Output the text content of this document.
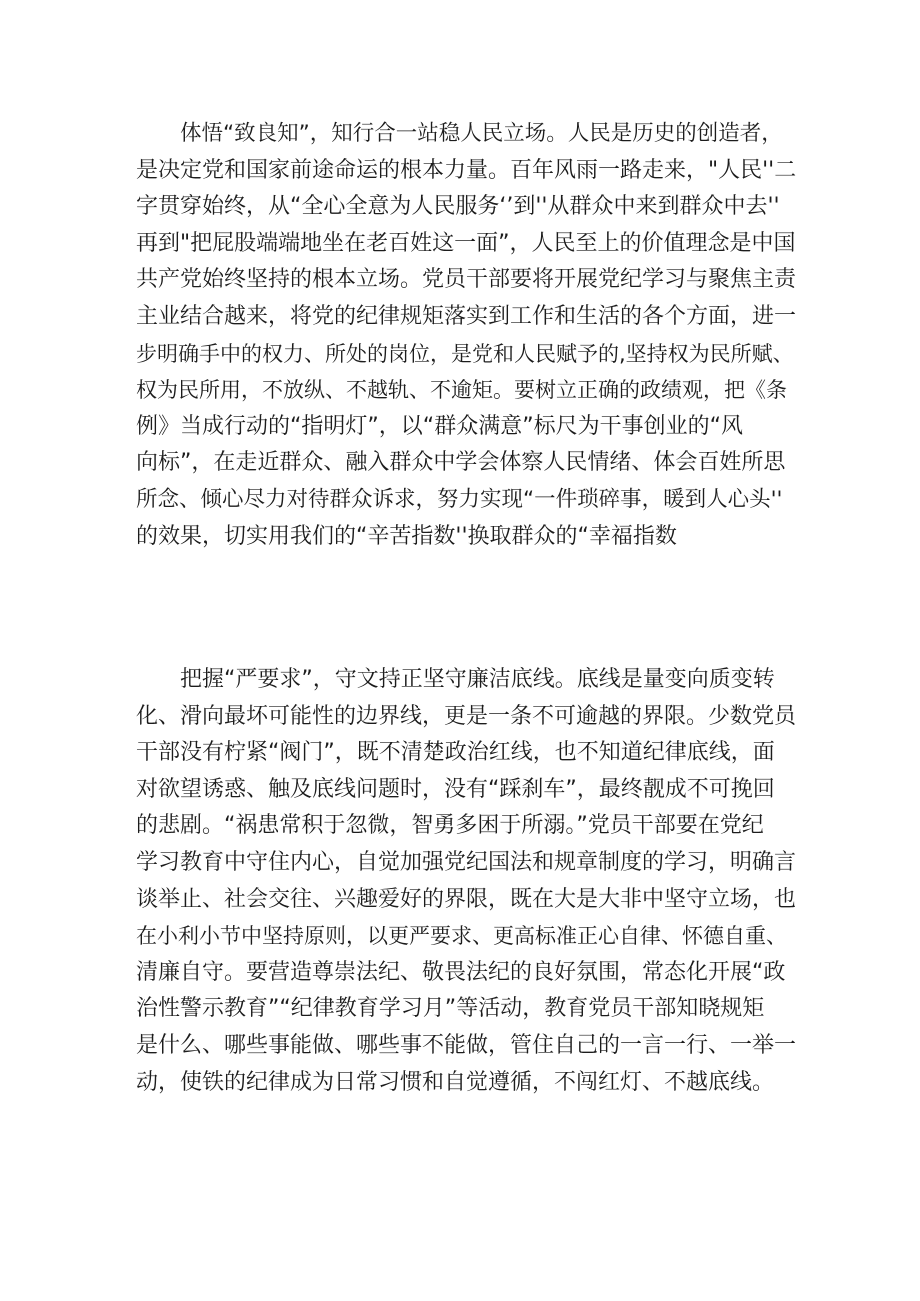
体悟“致良知”，知行合一站稳人民立场。人民是历史的创造者，
是决定党和国家前途命运的根本力量。百年风雨一路走来，"人民''二
字贯穿始终，从“全心全意为人民服务‘’到''从群众中来到群众中去''
再到"把屁股端端地坐在老百姓这一面”，人民至上的价值理念是中国
共产党始终坚持的根本立场。党员干部要将开展党纪学习与聚焦主责
主业结合越来，将党的纪律规矩落实到工作和生活的各个方面，进一
步明确手中的权力、所处的岗位，是党和人民赋予的,坚持权为民所赋、
权为民所用，不放纵、不越轨、不逾矩。要树立正确的政绩观，把《条
例》当成行动的“指明灯”，以“群众满意”标尺为干事创业的“风
向标”，在走近群众、融入群众中学会体察人民情绪、体会百姓所思
所念、倾心尽力对待群众诉求，努力实现“一件琐碎事，暖到人心头''
的效果，切实用我们的“辛苦指数''换取群众的“幸福指数
把握“严要求”，守文持正坚守廉洁底线。底线是量变向质变转
化、滑向最坏可能性的边界线，更是一条不可逾越的界限。少数党员
干部没有柠紧“阀门”，既不清楚政治红线，也不知道纪律底线，面
对欲望诱惑、触及底线问题时，没有“踩刹车”，最终靓成不可挽回
的悲剧。“祸患常积于忽微，智勇多困于所溺。”党员干部要在党纪
学习教育中守住内心，自觉加强党纪国法和规章制度的学习，明确言
谈举止、社会交往、兴趣爱好的界限，既在大是大非中坚守立场，也
在小利小节中坚持原则，以更严要求、更高标准正心自律、怀德自重、
清廉自守。要营造尊崇法纪、敬畏法纪的良好氛围，常态化开展“政
治性警示教育”“纪律教育学习月”等活动，教育党员干部知晓规矩
是什么、哪些事能做、哪些事不能做，管住自己的一言一行、一举一
动，使铁的纪律成为日常习惯和自觉遵循，不闯红灯、不越底线。
